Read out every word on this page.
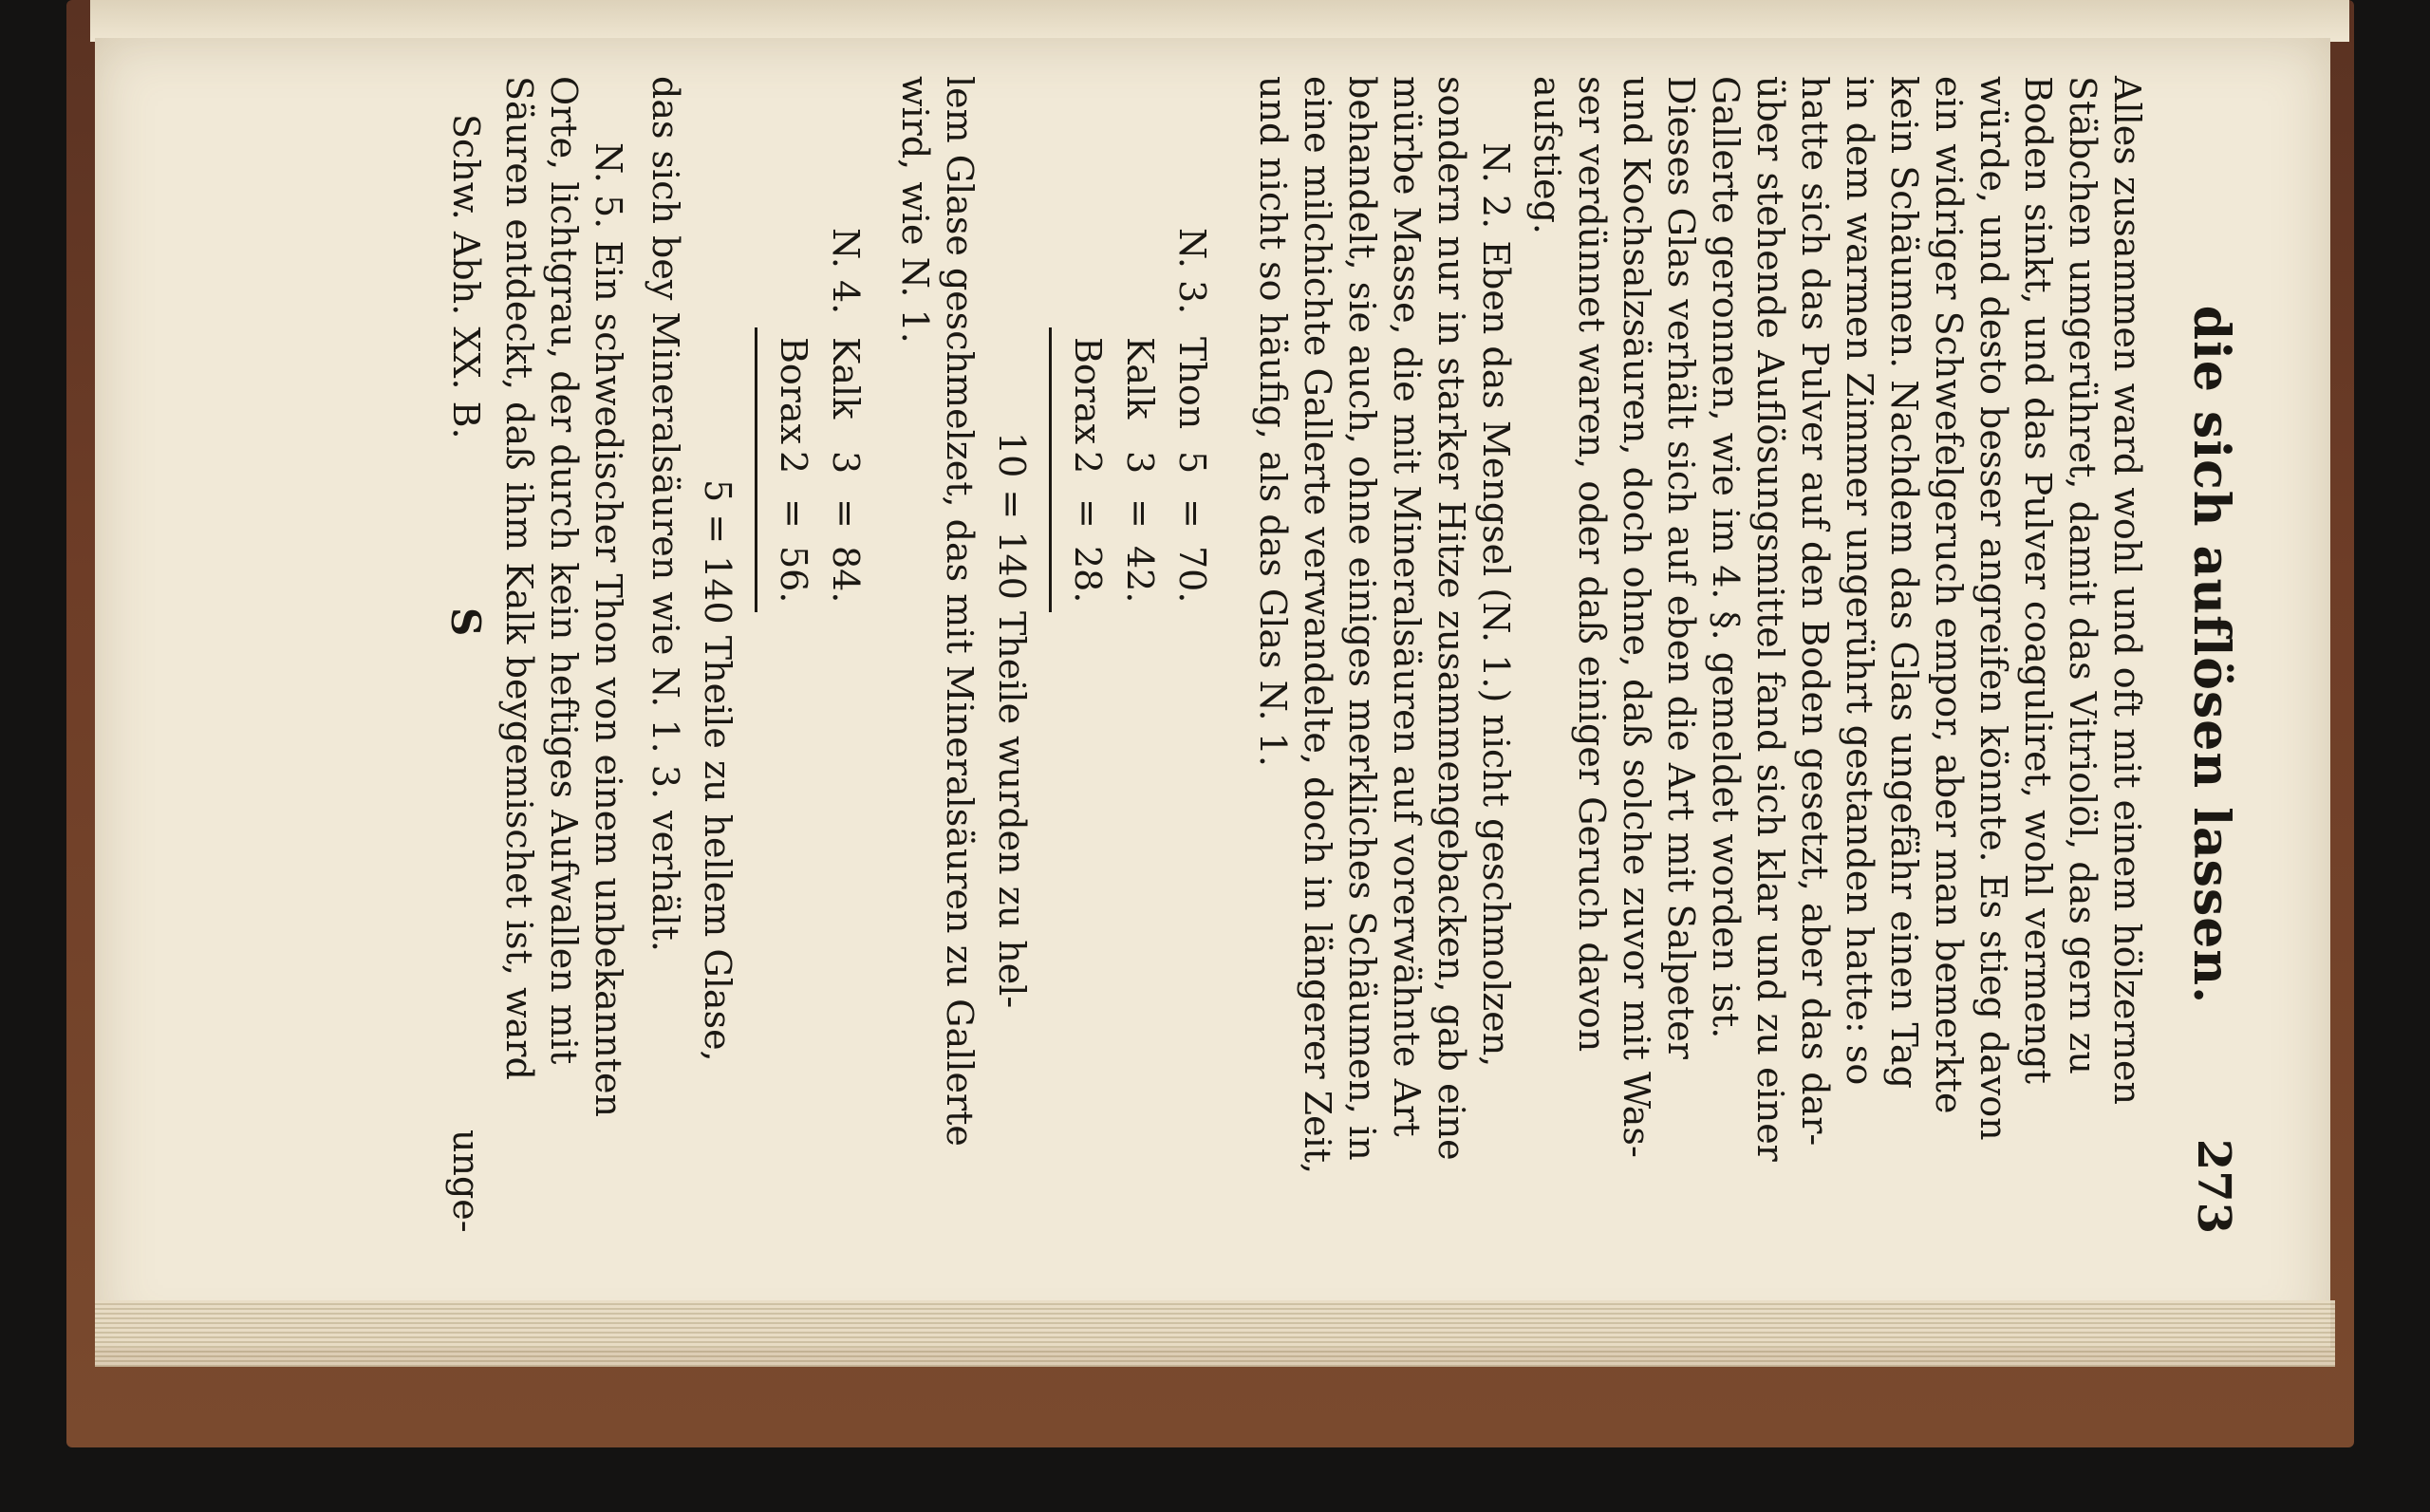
die sich auflösen lassen.
273
Alles zusammen ward wohl und oft mit einem hölzernen
Stäbchen umgerühret, damit das Vitriolöl, das gern zu
Boden sinkt, und das Pulver coaguliret, wohl vermengt
würde, und desto besser angreifen könnte. Es stieg davon
ein widriger Schwefelgeruch empor, aber man bemerkte
kein Schäumen. Nachdem das Glas ungefähr einen Tag
in dem warmen Zimmer ungerührt gestanden hatte: so
hatte sich das Pulver auf den Boden gesetzt, aber das dar-
über stehende Auflösungsmittel fand sich klar und zu einer
Gallerte geronnen, wie im 4. §. gemeldet worden ist.
Dieses Glas verhält sich auf eben die Art mit Salpeter
und Kochsalzsäuren, doch ohne, daß solche zuvor mit Was-
ser verdünnet waren, oder daß einiger Geruch davon
aufstieg.
N. 2. Eben das Mengsel (N. 1.) nicht geschmolzen,
sondern nur in starker Hitze zusammengebacken, gab eine
mürbe Masse, die mit Mineralsäuren auf vorerwähnte Art
behandelt, sie auch, ohne einiges merkliches Schäumen, in
eine milchichte Gallerte verwandelte, doch in längerer Zeit,
und nicht so häufig, als das Glas N. 1.
N. 3.
Thon
5
=
70.
Kalk
3
=
42.
Borax
2
=
28.
10 = 140 Theile wurden zu hel-
lem Glase geschmelzet, das mit Mineralsäuren zu Gallerte
wird, wie N. 1.
N. 4.
Kalk
3
=
84.
Borax
2
=
56.
5 = 140 Theile zu hellem Glase,
das sich bey Mineralsäuren wie N. 1. 3. verhält.
N. 5. Ein schwedischer Thon von einem unbekannten
Orte, lichtgrau, der durch kein heftiges Aufwallen mit
Säuren entdeckt, daß ihm Kalk beygemischet ist, ward
Schw. Abh. XX. B.
S
unge-
